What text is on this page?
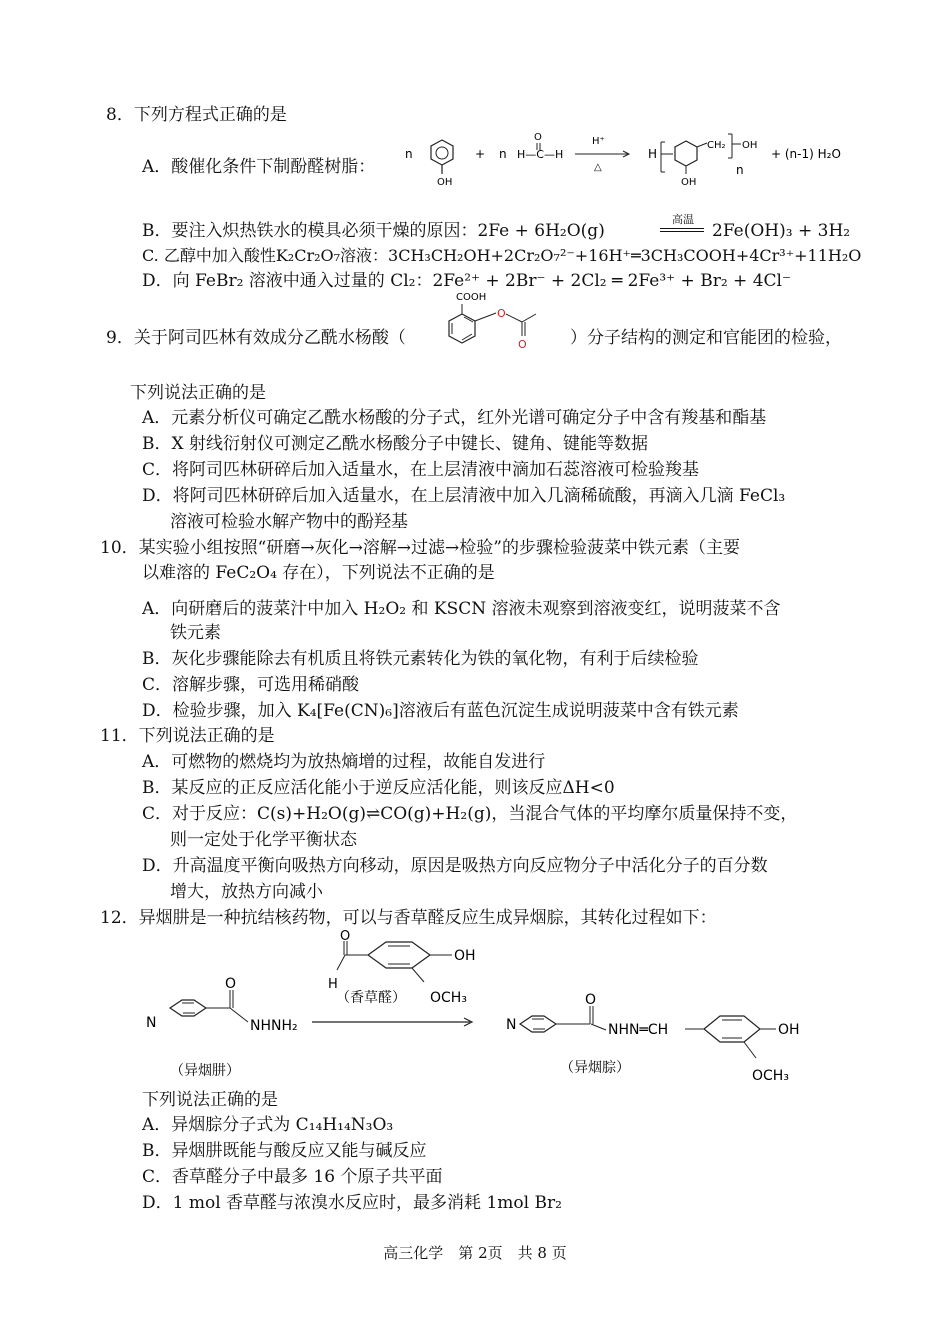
8．下列方程式正确的是
A．酸催化条件下制酚醛树脂：
n
OH
+ n
O
H—C—H
H⁺
△
H
CH₂ OH
n
OH
+ (n-1) H₂O
B．要注入炽热铁水的模具必须干燥的原因：2Fe + 6H₂O(g)
高温
2Fe(OH)₃ + 3H₂
C. 乙醇中加入酸性K₂Cr₂O₇溶液：3CH₃CH₂OH+2Cr₂O₇²⁻+16H⁺═3CH₃COOH+4Cr³⁺+11H₂O
D．向 FeBr₂ 溶液中通入过量的 Cl₂：2Fe²⁺ + 2Br⁻ + 2Cl₂ ═ 2Fe³⁺ + Br₂ + 4Cl⁻
9．关于阿司匹林有效成分乙酰水杨酸（
COOH
O
O	）分子结构的测定和官能团的检验，
下列说法正确的是
A．元素分析仪可确定乙酰水杨酸的分子式，红外光谱可确定分子中含有羧基和酯基
B．X 射线衍射仪可测定乙酰水杨酸分子中键长、键角、键能等数据
C．将阿司匹林研碎后加入适量水，在上层清液中滴加石蕊溶液可检验羧基
D．将阿司匹林研碎后加入适量水，在上层清液中加入几滴稀硫酸，再滴入几滴 FeCl₃
溶液可检验水解产物中的酚羟基
10．某实验小组按照“研磨→灰化→溶解→过滤→检验”的步骤检验菠菜中铁元素（主要
以难溶的 FeC₂O₄ 存在），下列说法不正确的是
A．向研磨后的菠菜汁中加入 H₂O₂ 和 KSCN 溶液未观察到溶液变红，说明菠菜不含
铁元素
B．灰化步骤能除去有机质且将铁元素转化为铁的氧化物，有利于后续检验
C．溶解步骤，可选用稀硝酸
D．检验步骤，加入 K₄[Fe(CN)₆]溶液后有蓝色沉淀生成说明菠菜中含有铁元素
11．下列说法正确的是
A．可燃物的燃烧均为放热熵增的过程，故能自发进行
B．某反应的正反应活化能小于逆反应活化能，则该反应ΔH<0
C．对于反应：C(s)+H₂O(g)⇌CO(g)+H₂(g)，当混合气体的平均摩尔质量保持不变，
则一定处于化学平衡状态
D．升高温度平衡向吸热方向移动，原因是吸热方向反应物分子中活化分子的百分数
增大，放热方向减小
12．异烟肼是一种抗结核药物，可以与香草醛反应生成异烟腙，其转化过程如下：
N
O
NHNH₂
（异烟肼）
O
H
OH
OCH₃
（香草醛）
N
O
NHN═CH	OH
OCH₃
（异烟腙）
下列说法正确的是
A．异烟腙分子式为 C₁₄H₁₄N₃O₃
B．异烟肼既能与酸反应又能与碱反应
C．香草醛分子中最多 16 个原子共平面
D．1 mol 香草醛与浓溴水反应时，最多消耗 1mol Br₂
高三化学　第 2页　共 8 页
